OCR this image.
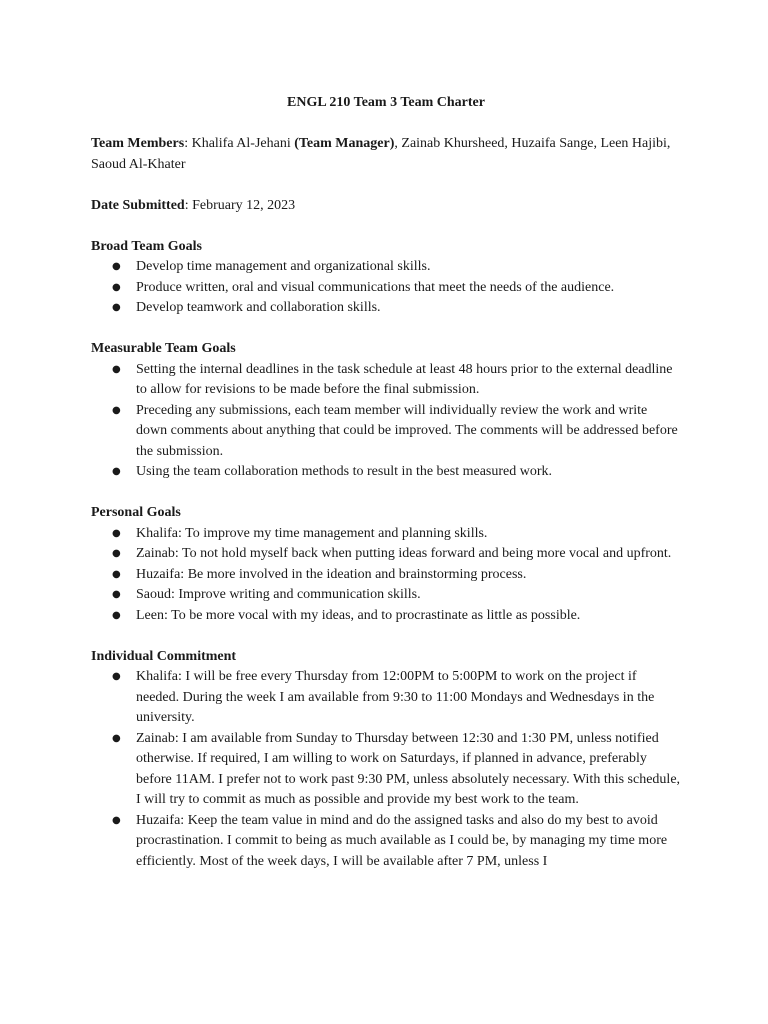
ENGL 210 Team 3 Team Charter

Team Members: Khalifa Al-Jehani (Team Manager), Zainab Khursheed, Huzaifa Sange, Leen Hajibi, Saoud Al-Khater

Date Submitted: February 12, 2023

Broad Team Goals

● Develop time management and organizational skills.
● Produce written, oral and visual communications that meet the needs of the audience.
● Develop teamwork and collaboration skills.

Measurable Team Goals

● Setting the internal deadlines in the task schedule at least 48 hours prior to the external deadline to allow for revisions to be made before the final submission.
● Preceding any submissions, each team member will individually review the work and write down comments about anything that could be improved. The comments will be addressed before the submission.
● Using the team collaboration methods to result in the best measured work.

Personal Goals

● Khalifa: To improve my time management and planning skills.
● Zainab: To not hold myself back when putting ideas forward and being more vocal and upfront.
● Huzaifa: Be more involved in the ideation and brainstorming process.
● Saoud: Improve writing and communication skills.
● Leen: To be more vocal with my ideas, and to procrastinate as little as possible.

Individual Commitment

● Khalifa: I will be free every Thursday from 12:00PM to 5:00PM to work on the project if needed. During the week I am available from 9:30 to 11:00 Mondays and Wednesdays in the university.
● Zainab: I am available from Sunday to Thursday between 12:30 and 1:30 PM, unless notified otherwise. If required, I am willing to work on Saturdays, if planned in advance, preferably before 11AM. I prefer not to work past 9:30 PM, unless absolutely necessary. With this schedule, I will try to commit as much as possible and provide my best work to the team.
● Huzaifa: Keep the team value in mind and do the assigned tasks and also do my best to avoid procrastination. I commit to being as much available as I could be, by managing my time more efficiently. Most of the week days, I will be available after 7 PM, unless I
